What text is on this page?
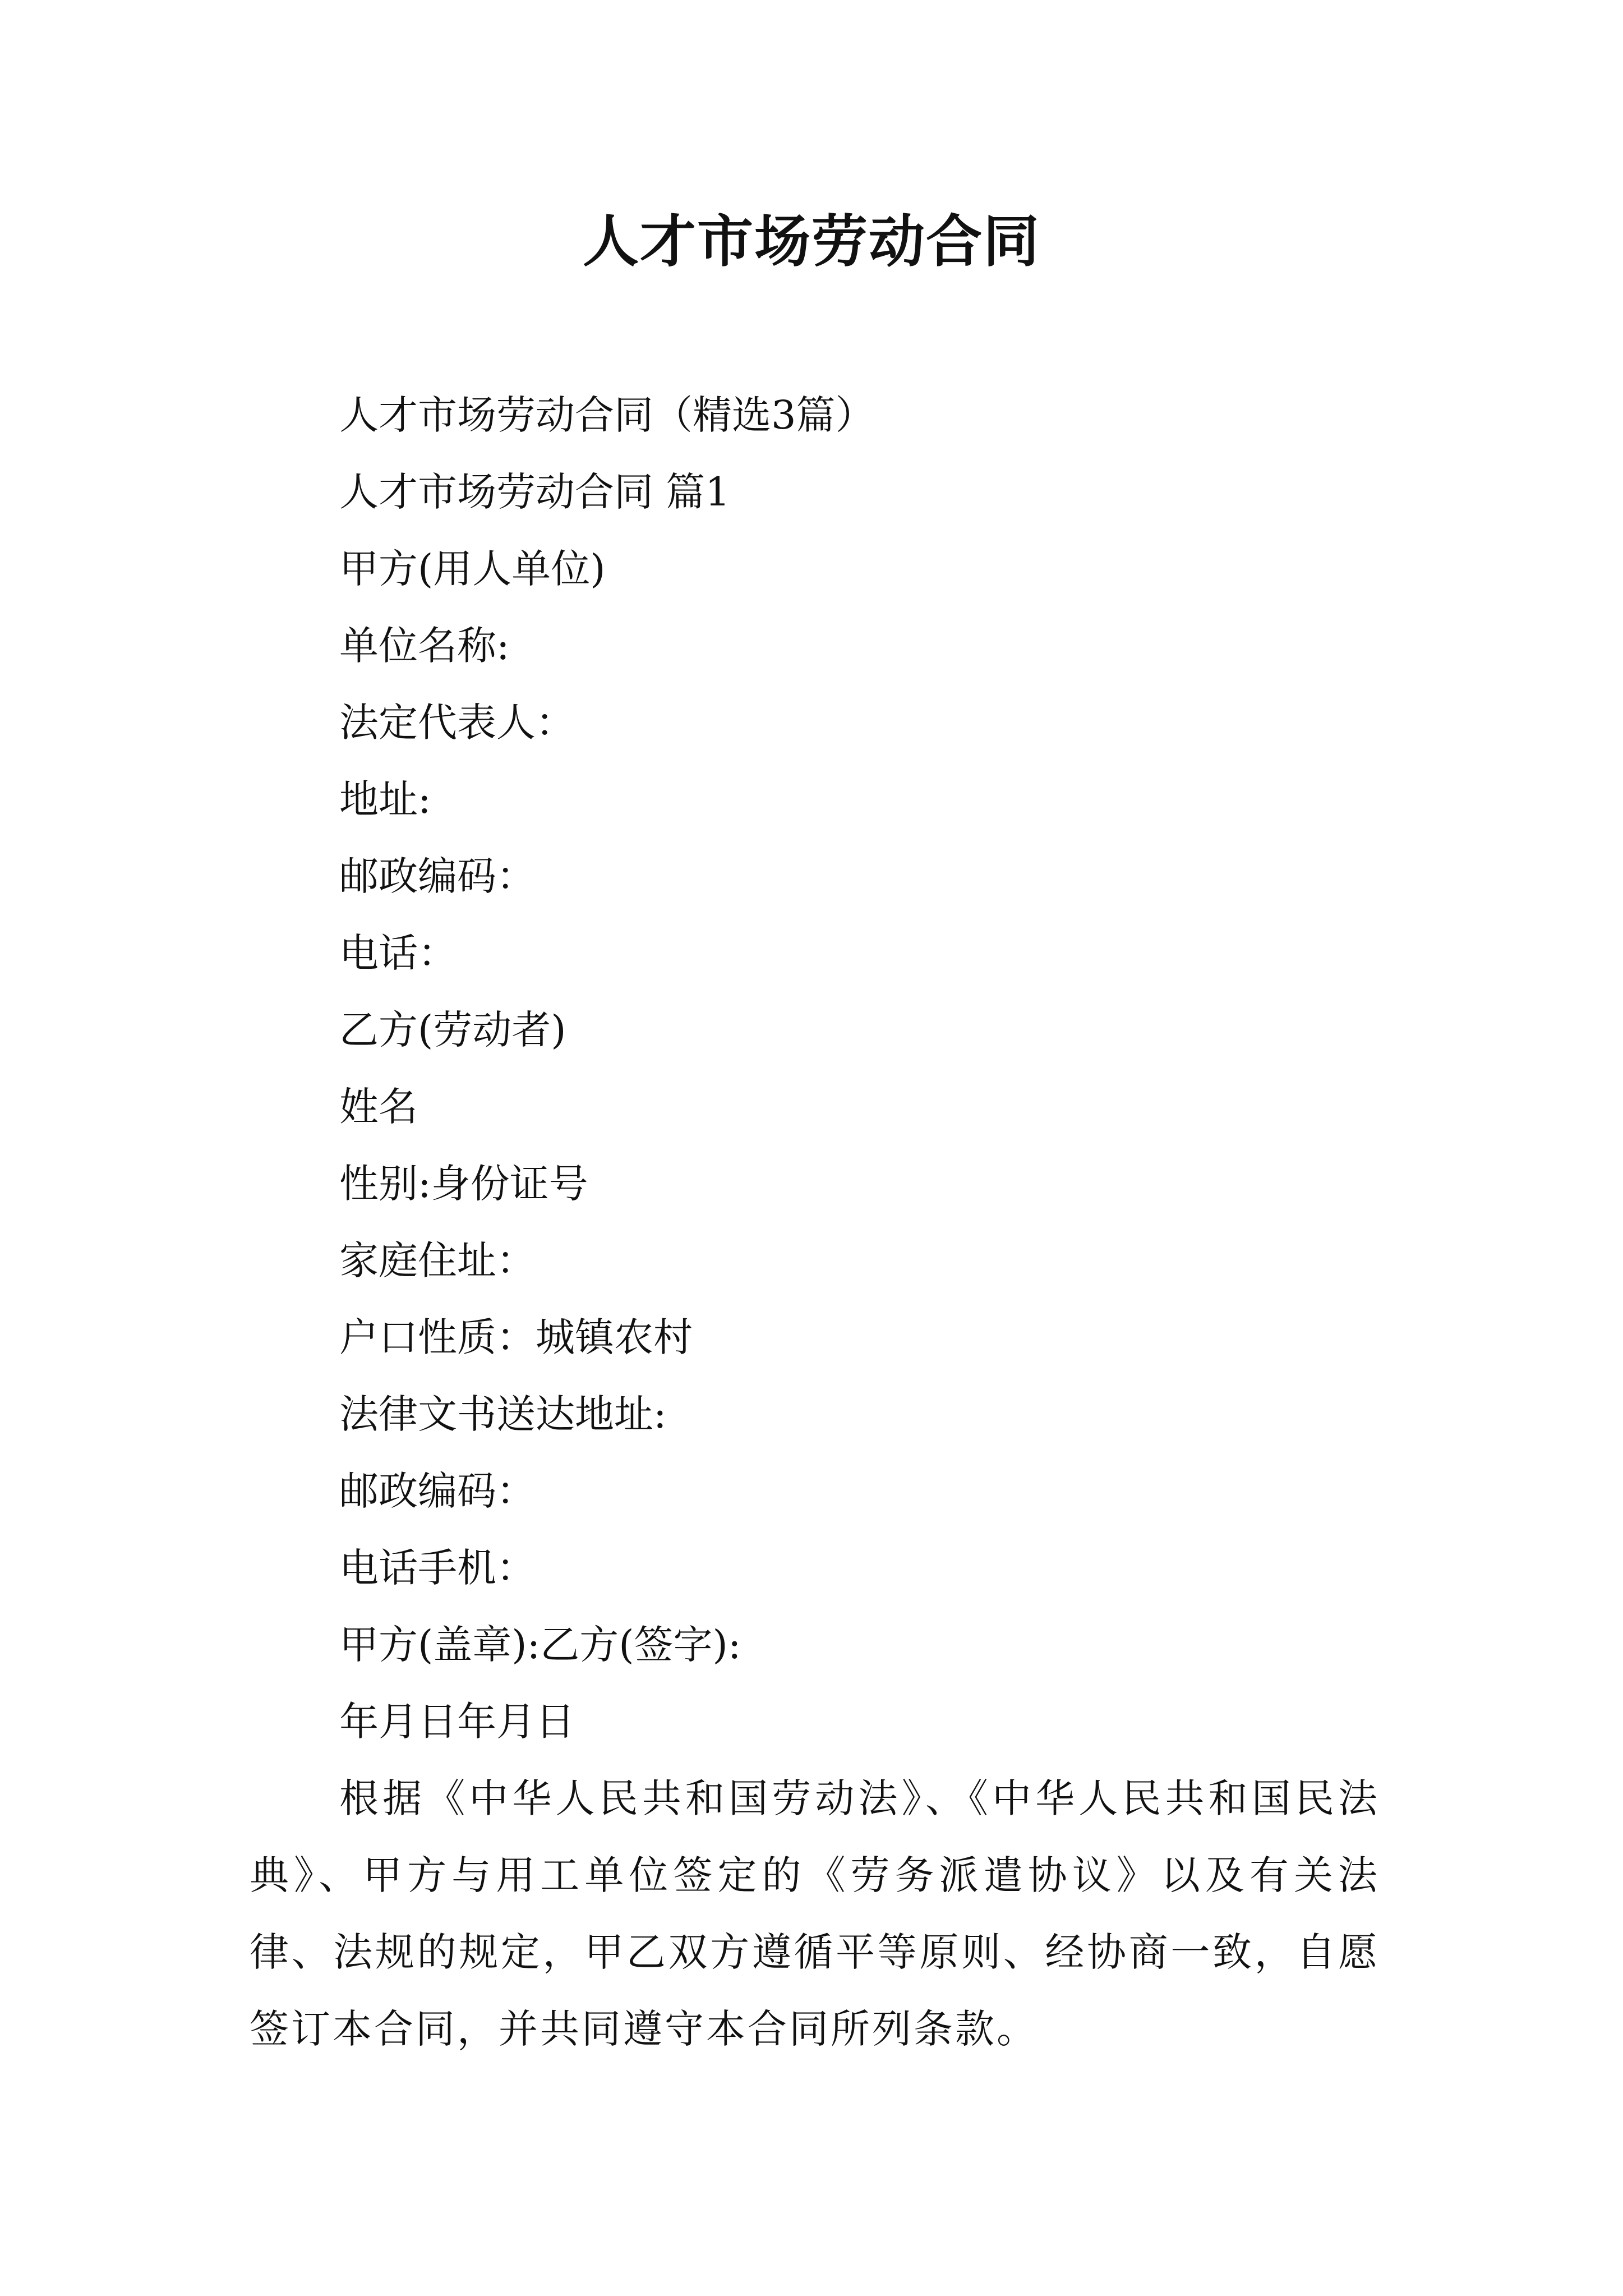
人才市场劳动合同

人才市场劳动合同（精选3篇）

人才市场劳动合同 篇1

甲方(用人单位)

单位名称:

法定代表人：

地址:

邮政编码：

电话：

乙方(劳动者)

姓名

性别:身份证号

家庭住址：

户口性质：城镇农村

法律文书送达地址:

邮政编码：

电话手机：

甲方(盖章):乙方(签字):

年月日年月日

根据《中华人民共和国劳动法》、《中华人民共和国民法典》、甲方与用工单位签定的《劳务派遣协议》以及有关法律、法规的规定，甲乙双方遵循平等原则、经协商一致，自愿签订本合同，并共同遵守本合同所列条款。
